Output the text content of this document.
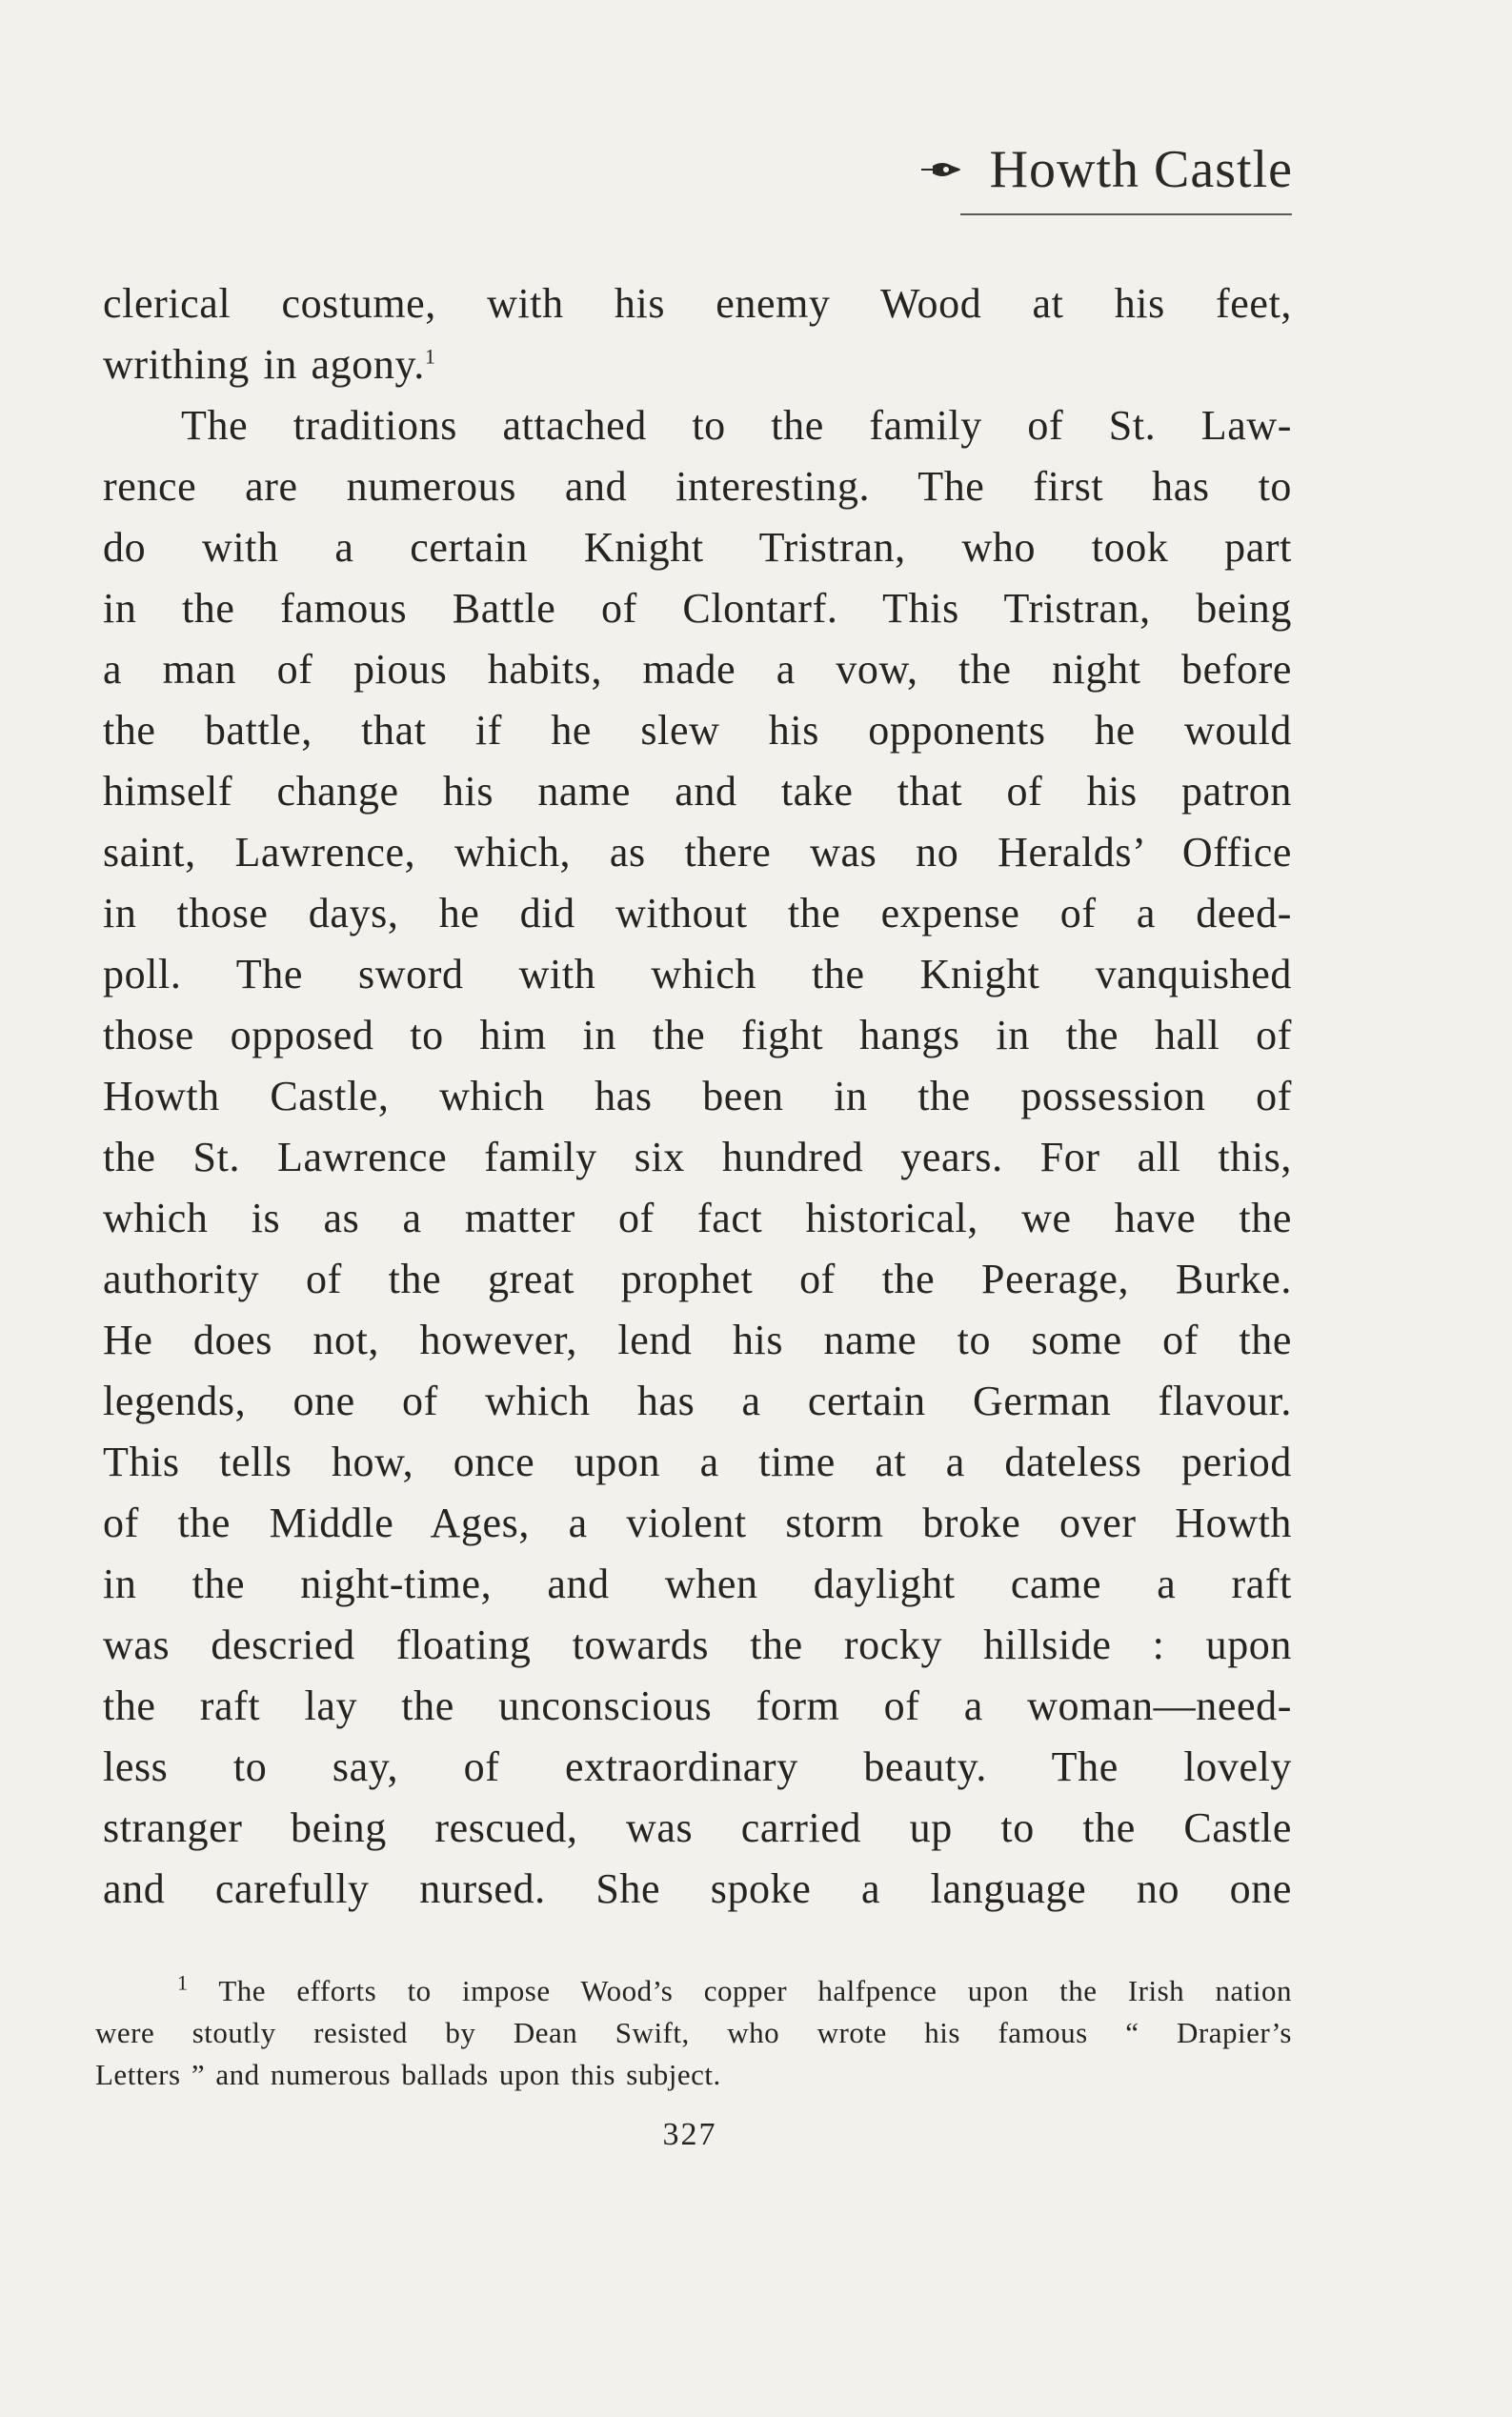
Howth Castle
clerical costume, with his enemy Wood at his feet,
writhing in agony.$^1$
The traditions attached to the family of St. Law-
rence are numerous and interesting. The first has to
do with a certain Knight Tristran, who took part
in the famous Battle of Clontarf. This Tristran, being
a man of pious habits, made a vow, the night before
the battle, that if he slew his opponents he would
himself change his name and take that of his patron
saint, Lawrence, which, as there was no Heralds’ Office
in those days, he did without the expense of a deed-
poll. The sword with which the Knight vanquished
those opposed to him in the fight hangs in the hall of
Howth Castle, which has been in the possession of
the St. Lawrence family six hundred years. For all this,
which is as a matter of fact historical, we have the
authority of the great prophet of the Peerage, Burke.
He does not, however, lend his name to some of the
legends, one of which has a certain German flavour.
This tells how, once upon a time at a dateless period
of the Middle Ages, a violent storm broke over Howth
in the night-time, and when daylight came a raft
was descried floating towards the rocky hillside : upon
the raft lay the unconscious form of a woman—need-
less to say, of extraordinary beauty. The lovely
stranger being rescued, was carried up to the Castle
and carefully nursed. She spoke a language no one
$^1$ The efforts to impose Wood’s copper halfpence upon the Irish nation
were stoutly resisted by Dean Swift, who wrote his famous “ Drapier’s
Letters ” and numerous ballads upon this subject.
327
